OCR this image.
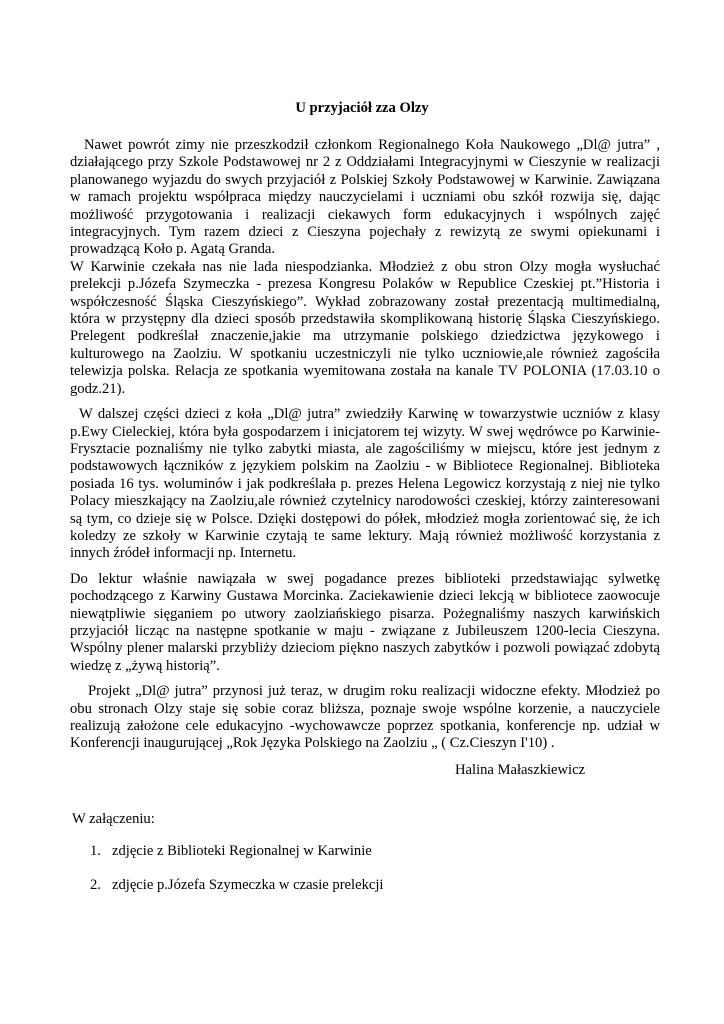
U przyjaciół zza Olzy

Nawet powrót zimy nie przeszkodził członkom Regionalnego Koła Naukowego „Dl@ jutra” , działającego przy Szkole Podstawowej nr 2 z Oddziałami Integracyjnymi w Cieszynie w realizacji planowanego wyjazdu do swych przyjaciół z Polskiej Szkoły Podstawowej w Karwinie. Zawiązana w ramach projektu współpraca między nauczycielami i uczniami obu szkół rozwija się, dając możliwość przygotowania i realizacji ciekawych form edukacyjnych i wspólnych zajęć integracyjnych. Tym razem dzieci z Cieszyna pojechały z rewizytą ze swymi opiekunami i prowadzącą Koło p. Agatą Granda.

W Karwinie czekała nas nie lada niespodzianka. Młodzież z obu stron Olzy mogła wysłuchać prelekcji p.Józefa Szymeczka - prezesa Kongresu Polaków w Republice Czeskiej pt.”Historia i współczesność Śląska Cieszyńskiego”. Wykład zobrazowany został prezentacją multimedialną, która w przystępny dla dzieci sposób przedstawiła skomplikowaną historię Śląska Cieszyńskiego. Prelegent podkreślał znaczenie,jakie ma utrzymanie polskiego dziedzictwa językowego i kulturowego na Zaolziu. W spotkaniu uczestniczyli nie tylko uczniowie,ale również zagościła telewizja polska. Relacja ze spotkania wyemitowana została na kanale TV POLONIA (17.03.10 o godz.21).

W dalszej części dzieci z koła „Dl@ jutra” zwiedziły Karwinę w towarzystwie uczniów z klasy p.Ewy Cieleckiej, która była gospodarzem i inicjatorem tej wizyty. W swej wędrówce po Karwinie-Frysztacie poznaliśmy nie tylko zabytki miasta, ale zagościliśmy w miejscu, które jest jednym z podstawowych łączników z językiem polskim na Zaolziu - w Bibliotece Regionalnej. Biblioteka posiada 16 tys. woluminów i jak podkreślała p. prezes Helena Legowicz korzystają z niej nie tylko Polacy mieszkający na Zaolziu,ale również czytelnicy narodowości czeskiej, którzy zainteresowani są tym, co dzieje się w Polsce. Dzięki dostępowi do półek, młodzież mogła zorientować się, że ich koledzy ze szkoły w Karwinie czytają te same lektury. Mają również możliwość korzystania z innych źródeł informacji np. Internetu.

Do lektur właśnie nawiązała w swej pogadance prezes biblioteki przedstawiając sylwetkę pochodzącego z Karwiny Gustawa Morcinka. Zaciekawienie dzieci lekcją w bibliotece zaowocuje niewątpliwie sięganiem po utwory zaolziańskiego pisarza. Pożegnaliśmy naszych karwińskich przyjaciół licząc na następne spotkanie w maju - związane z Jubileuszem 1200-lecia Cieszyna. Wspólny plener malarski przybliży dzieciom piękno naszych zabytków i pozwoli powiązać zdobytą wiedzę z „żywą historią”.

Projekt „Dl@ jutra” przynosi już teraz, w drugim roku realizacji widoczne efekty. Młodzież po obu stronach Olzy staje się sobie coraz bliższa, poznaje swoje wspólne korzenie, a nauczyciele realizują założone cele edukacyjno -wychowawcze poprzez spotkania, konferencje np. udział w Konferencji inaugurującej „Rok Języka Polskiego na Zaolziu „ ( Cz.Cieszyn I'10) .

Halina Małaszkiewicz

W załączeniu:

1. zdjęcie z Biblioteki Regionalnej w Karwinie
2. zdjęcie p.Józefa Szymeczka w czasie prelekcji
